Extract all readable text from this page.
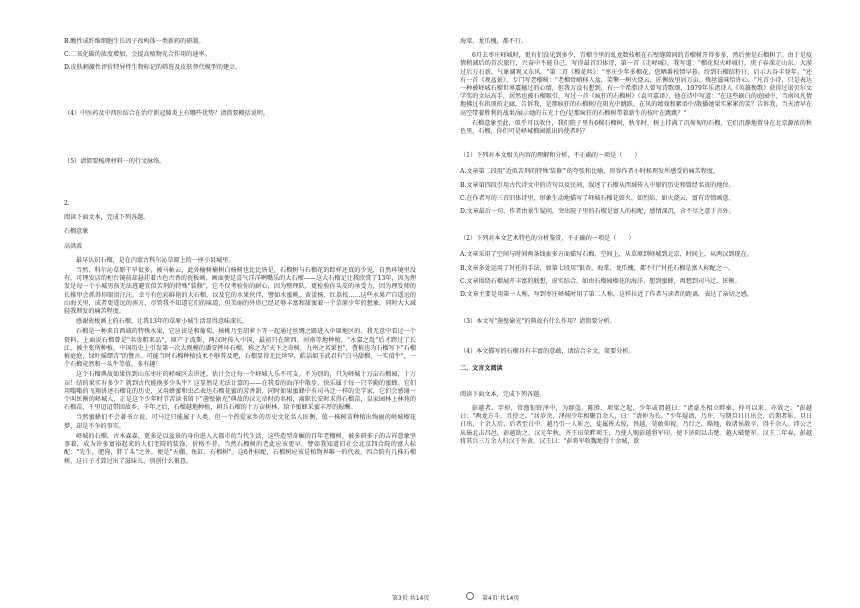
B.酸性成纤维细胞生长因子改构体一类新药的研制。
C.二氧化碳的浓度增加，会提高植物光合作用的速率。
D.皮肤刺激性评价特异性生物标记的筛选及皮肤替代模型的建立。
（4）中医药及中西医结合在治疗新冠肺炎上有哪些优势？请简要概括说明。
（5）请简要梳理材料一的行文脉络。
2.
阅读下面文本，完成下列各题。
石榴意象
高洪波

最早认识石榴，是在内蒙古科尔沁草原上的一座小县城里。

当然，科尔沁草原干旱很多，被马帖云，此外榆树榆树白杨树也比比皆是，石榴树与石榴花的踪样还真的少见，自然环境里没有，可理发店的柜台镜前却悬挂着古色古香的瓷板画，画面便是喜气洋洋咧嘴乐的大石榴——这大石榴足让我欣赏了13年，因为理发是每一个小城男孩无法逃避宜似苦刑的特殊"装修"，它不仅考验你的耐心，因为整理队，更检验你头皮的承受力，因为理发师的长推甲会抓得你眼泪汪汪。幸亏有色彩鲜艳的大石榴，以及它的水果伙伴，譬如水蜜桃、黄蛋杨、红荔枝……这些水果产自遥远的山海关里，成者更遥远的南方，尽管我不知道它们的味道，但美丽的外形已经足够丰富和甜蜜着一个草原少年的想象，同时大大减轻我理发的痛苦程度。

感谢瓷板画上的石榴，让我13年的草原小城生活显得意味深长。

石榴是一种来自西域的特殊水果，它应该是和葡萄、核桃乃至胡萝卜等一起通过丝绸之路进入中原地区的。我无意中看过一个资料，上面说石榴曾是"名贵粗来品"，原产于波斯，两汉时传入中国，最初只在陕西、河南等地种植，"永嘉之乱"后才跨过了长江，被主张所种植。中国历史上引发第一次大规模的潘安摔坏石榴，称之为"天下之奇树，九州之名果也"，曹植也为石榴写下"石榴植庭庭，绿叶摇缥青"的赞言。可能当时石榴种植技术不够普及吧，石榴显得无比珍罕，皓洁如玉武君有"白马甜榴，一实值牛"，一个石榴竟然和一头牛等值，多有趣！

这个石榴典故如果你到山东枣庄的峄城区去讲述，估计会让每一个峄城人乐不可支。不为别的，只为峄城十万亩石榴园，十万亩！结的果实有多少？就到古代能换多少头牛？这显然是无法计算的——在我看的海洋中散步，快乐属于每一只辛勤的蜜蜂。它们用嗡嗡的飞翔讲述石榴花的历史，又用蜂蜜和虫乙表达石榴花蜜的芳香甜，同时如果蜜蜂中有司马迁一样的史学家，它们会感谢一个叫匡衡的峄城人，正是这个少年时节苦读书留下"凿壁偷光"典故的汉元帝时的名相，离职长安时求得石榴苗，皇家园林上林苑的石榴苗，千里迢迢带回故乡，千年之后，石榴越地种植，耕兵石榴的十万亩树林，给予蜜蜂采蜜丰厚的报酬。

当然蜜蜂们不会著书立说，可马迁只能属于人类，但一个热爱家乡的历史文化名人匡衡，值一株树苗种植出绚丽的峄城榴花梦，却是不争的事实。

峄城的石榴，古木森森，更多是以盆景的身份进入大都市的当代生活，这些造型奇崛的百年老榴树，被多研多子的吉祥意象坚事着，成为许多富裕起来的人们宅院的装饰，价格不菲。当然石榴树的老此应该更早，譬如我知道旧社会北京四合院的富人标配："先生，肥狗，胖丫头"之外，便是"天棚、鱼缸、石榴树"。这6件标配，石榴树应该是植物界唯一的代表，四合院有几株石榴树，这日子才算过出了滋味儿，别创什么狼意。

海棠、龙爪槐，都不行。

6月去枣庄峄城时，更有们没见到多少，青榴寺里的虬龙数枝根在石壁缝隙间的青榴树开得多多，然后便是石榴树了。由于是疫情稍减后的首次旅行，兴奋中不能自己，写得最首旧体诗，第一首《走峄城》，我写道："榴花似火峄城行，庚子春深走山东。大漠过后万石新，气象阔观又东风。"第二首《榴花吟》："枣庄少年多榴花，您晒番枝情早暮。纷到石榴结籽日，启示五谷丰登年。"还有一首《观盆景》，专门写老榴树："老榴骨峭移入盆，笑擎一树火烧云，匠衡故里居万亩，殊丝滋味恰许心。"凡首小诗，只是表达一种被峄城石榴世界震撼过的心情，但我万没有想到，有一个希腊诗人曾写诗歌颂，1979年乐诸诗人《英雄挽歌》获得过诺贝尔文学奖的文坛高手，居然也被石榴吸引，写过一首《疯狂的石榴树》（袁可嘉译），他在诗中写道："在这些刷白的庭园中，当南风凡情地拂过有拱顶的走廊，告诉我，是那疯狂的石榴树/在阳光中跳跃，在风的嬉戏和絮语中/散播她果实累累的笑？告诉我，当天清早在高空带着胜利的战果/展示她的五光十色/是那疯狂的石榴树带着新生的枝叶在跳跳？"

石榴意象至此，似乎可以收住，我们院子里有6棵石榴树，秋冬时，树上挂满了沉甸甸的石榴，它们沉静地置身在北京源浓的秋色里，石榴，你们可是峄城榴园派出的使者吗？

（1）下列对本文相关内容的理解和分析，不正确的一项是（　　）
A.文章第二段用"近似苦刑的特殊'装修'"的夸张和比喻，形容作者小时候理发所感受的痛苦程度。
B.文章第四段引用古代诗文中的诗句以及民间，叙述了石榴从西域传入中原的历史和曾经名贵的地位。
C.在作者写的三首旧体诗里，形象生动地描写了峄城石榴花如火、如烈焰、如火烧云，富有诗情画意。
D.文章最后一句，作者由景生疑问，突出院子里的石榴是富人的标配，感情深沉，含不尽之意于言外。
（2）下列对本文艺术特色的分析鉴赏，不正确的一项是（　　）
A.文章采用了空间与时间两条线索多方面描写石榴，空间上，从草原到峄城到北京，时间上，从两汉到现在。
B.文章多处运用了衬托的手法，如第七段用"银杏、海棠、龙爪槐，都不行"衬托石榴是富人标配之一。
C.文章围绕石榴展开丰富的联想，虚实结合，如由石榴园榴花的海洋，想到蜜蜂，再想到司马迁、匡衡。
D.文章主要是用第一人称，写到枣庄峄城时用了第二人称，这样拉近了作者与读者的距离，表达了亲切之感。
（3）本文写"凿壁偷光"的典故有什么作用？请简要分析。
（4）本文描写的石榴具有丰富的意蕴，请结合全文，简要分析。
二、文言文阅读
阅读下面文本，完成下列各题。

彭越者，字仲，常渔钜野泽中，为群盗。陈胜、项梁之起，少年或谓越曰："诸豪杰相立畔秦，仲可以来，亦效之。"彭越曰："两龙方斗，且待之。"居岁余，泽间少年相聚百余人，曰："请仲为长。"少年疑请，乃许，与期旦日日出会，后期者斩。旦日日出，十余人后，后者至日中。越乃引一人斩之，徒属皆大惊，畏越，莫敢仰视。乃行之，略地，收诸侯散卒，得千余人。沛公之从砀北击昌邑，彭越助之。汉元年秋，齐王田荣畔项王，乃使人赐彭越将军印，使下济阴以击楚。越大破楚军。汉王二年春，彭越将其兵三万余人归汉于外黄。汉王曰："彭将军收魏地得十余城，欲

第3页 共14页	第4页 共14页
